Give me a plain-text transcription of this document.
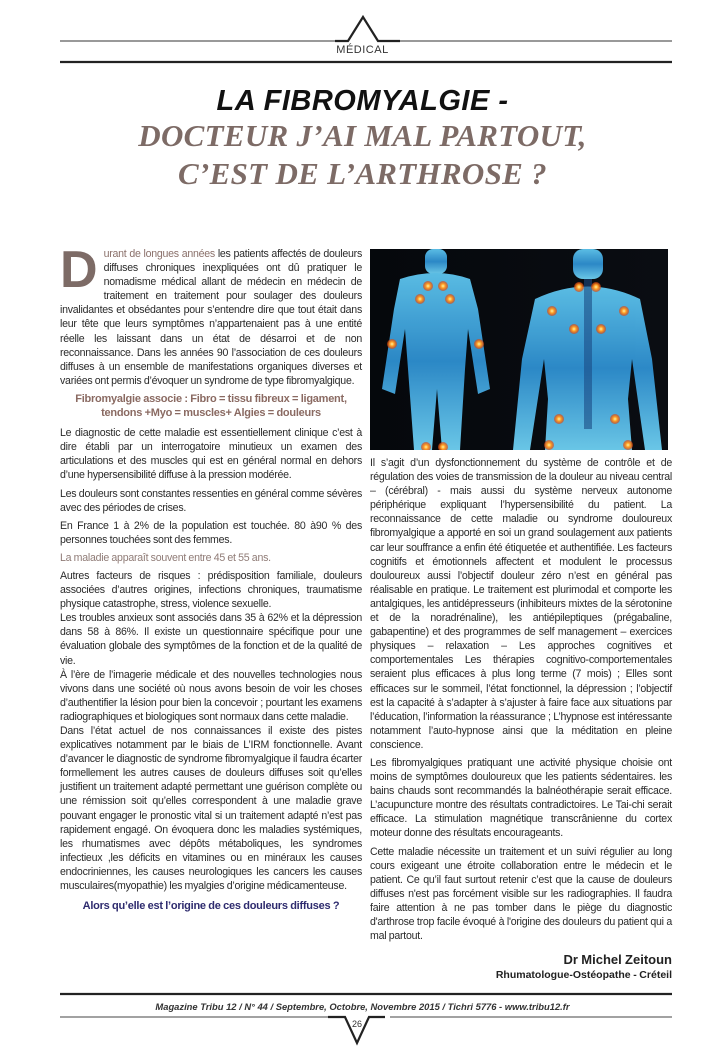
MÉDICAL
LA FIBROMYALGIE -
DOCTEUR J’AI MAL PARTOUT,
C’EST DE L’ARTHROSE ?

Durant de longues années les patients affectés de douleurs diffuses chroniques inexpliquées ont dû pratiquer le nomadisme médical allant de médecin en médecin de traitement en traitement pour soulager des douleurs invalidantes et obsédantes pour s’entendre dire que tout était dans leur tête que leurs symptômes n’appartenaient pas à une entité réelle les laissant dans un état de désarroi et de non reconnaissance. Dans les années 90 l’association de ces douleurs diffuses à un ensemble de manifestations organiques diverses et variées ont permis d’évoquer un syndrome de type fibromyalgique.

Fibromyalgie associe : Fibro = tissu fibreux = ligament, tendons +Myo = muscles+ Algies = douleurs

Le diagnostic de cette maladie est essentiellement clinique c’est à dire établi par un interrogatoire minutieux un examen des articulations et des muscles qui est en général normal en dehors d’une hypersensibilité diffuse à la pression modérée.

Les douleurs sont constantes ressenties en général comme sévères avec des périodes de crises.

En France 1 à 2% de la population est touchée. 80 à90 % des personnes touchées sont des femmes.

La maladie apparaît souvent entre 45 et 55 ans.

Autres facteurs de risques : prédisposition familiale, douleurs associées d’autres origines, infections chroniques, traumatisme physique catastrophe, stress, violence sexuelle.

Les troubles anxieux sont associés dans 35 à 62% et la dépression dans 58 à 86%. Il existe un questionnaire spécifique pour une évaluation globale des symptômes de la fonction et de la qualité de vie.

À l’ère de l’imagerie médicale et des nouvelles technologies nous vivons dans une société où nous avons besoin de voir les choses d’authentifier la lésion pour bien la concevoir ; pourtant les examens radiographiques et biologiques sont normaux dans cette maladie.

Dans l’état actuel de nos connaissances il existe des pistes explicatives notamment par le biais de L’IRM fonctionnelle. Avant d’avancer le diagnostic de syndrome fibromyalgique il faudra écarter formellement les autres causes de douleurs diffuses soit qu’elles justifient un traitement adapté permettant une guérison complète ou une rémission soit qu’elles correspondent à une maladie grave pouvant engager le pronostic vital si un traitement adapté n’est pas rapidement engagé. On évoquera donc les maladies systémiques, les rhumatismes avec dépôts métaboliques, les syndromes infectieux ,les déficits en vitamines ou en minéraux les causes endocriniennes, les causes neurologiques les cancers les causes musculaires(myopathie) les myalgies d’origine médicamenteuse.

Alors qu’elle est l’origine de ces douleurs diffuses ?

Il s’agit d’un dysfonctionnement du système de contrôle et de régulation des voies de transmission de la douleur au niveau central – (cérébral) - mais aussi du système nerveux autonome périphérique expliquant l’hypersensibilité du patient. La reconnaissance de cette maladie ou syndrome douloureux fibromyalgique a apporté en soi un grand soulagement aux patients car leur souffrance a enfin été étiquetée et authentifiée. Les facteurs cognitifs et émotionnels affectent et modulent le processus douloureux aussi l’objectif douleur zéro n’est en général pas réalisable en pratique. Le traitement est plurimodal et comporte les antalgiques, les antidépresseurs (inhibiteurs mixtes de la sérotonine et de la noradrénaline), les antiépileptiques (prégabaline, gabapentine) et des programmes de self management – exercices physiques – relaxation – Les approches cognitives et comportementales Les thérapies cognitivo-comportementales seraient plus efficaces à plus long terme (7 mois) ; Elles sont efficaces sur le sommeil, l’état fonctionnel, la dépression ; l’objectif est la capacité à s’adapter à s’ajuster à faire face aux situations par l’éducation, l’information la réassurance ; L’hypnose est intéressante notamment l’auto-hypnose ainsi que la méditation en pleine conscience.

Les fibromyalgiques pratiquant une activité physique choisie ont moins de symptômes douloureux que les patients sédentaires. les bains chauds sont recommandés la balnéothérapie serait efficace. L’acupuncture montre des résultats contradictoires. Le Tai-chi serait efficace. La stimulation magnétique transcrânienne du cortex moteur donne des résultats encourageants.

Cette maladie nécessite un traitement et un suivi régulier au long cours exigeant une étroite collaboration entre le médecin et le patient. Ce qu’il faut surtout retenir c’est que la cause de douleurs diffuses n'est pas forcément visible sur les radiographies. Il faudra faire attention à ne pas tomber dans le piège du diagnostic d'arthrose trop facile évoqué à l'origine des douleurs du patient qui a mal partout.

Dr Michel Zeitoun
Rhumatologue-Ostéopathe - Créteil
Magazine Tribu 12 / N° 44 / Septembre, Octobre, Novembre 2015 / Tichri 5776 - www.tribu12.fr
26
